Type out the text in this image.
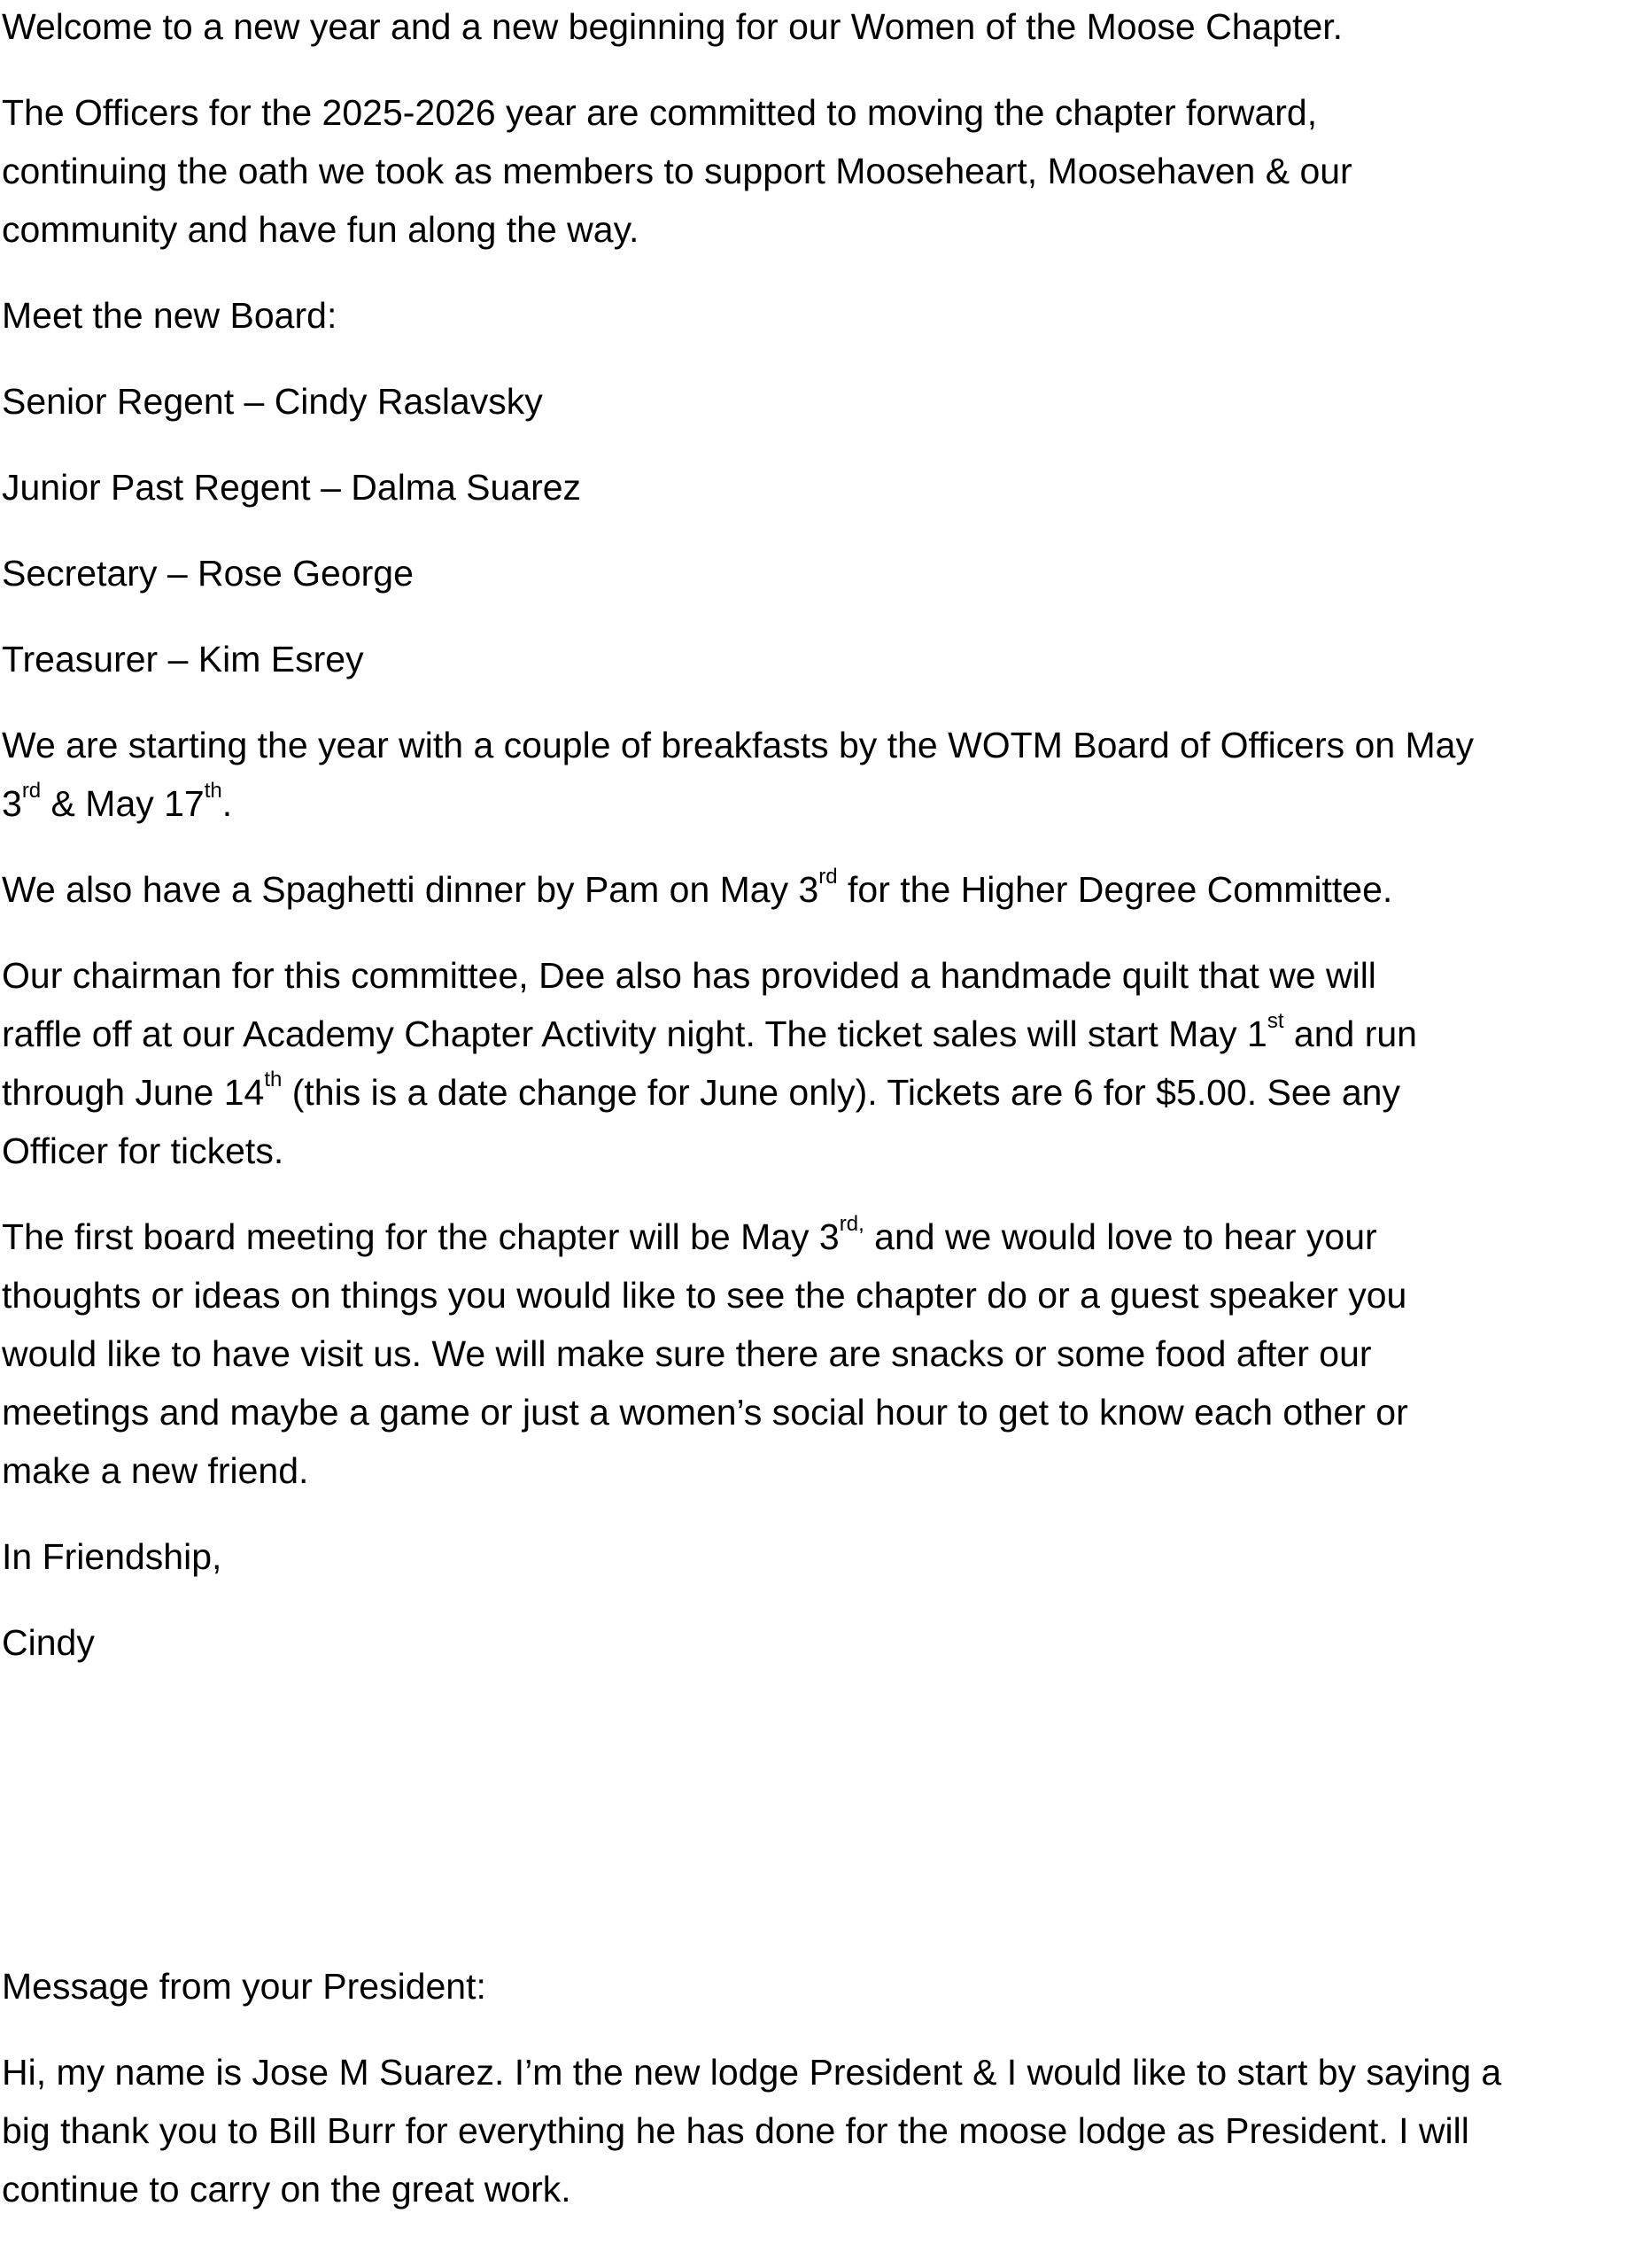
Welcome to a new year and a new beginning for our Women of the Moose Chapter.
The Officers for the 2025-2026 year are committed to moving the chapter forward,
continuing the oath we took as members to support Mooseheart, Moosehaven & our
community and have fun along the way.
Meet the new Board:
Senior Regent – Cindy Raslavsky
Junior Past Regent – Dalma Suarez
Secretary – Rose George
Treasurer – Kim Esrey
We are starting the year with a couple of breakfasts by the WOTM Board of Officers on May
3rd & May 17th.
We also have a Spaghetti dinner by Pam on May 3rd for the Higher Degree Committee.
Our chairman for this committee, Dee also has provided a handmade quilt that we will
raffle off at our Academy Chapter Activity night. The ticket sales will start May 1st and run
through June 14th (this is a date change for June only). Tickets are 6 for $5.00. See any
Officer for tickets.
The first board meeting for the chapter will be May $3^{rd,}$ and we would love to hear your
thoughts or ideas on things you would like to see the chapter do or a guest speaker you
would like to have visit us. We will make sure there are snacks or some food after our
meetings and maybe a game or just a women’s social hour to get to know each other or
make a new friend.
In Friendship,
Cindy
Message from your President:
Hi, my name is Jose M Suarez. I’m the new lodge President & I would like to start by saying a
big thank you to Bill Burr for everything he has done for the moose lodge as President. I will
continue to carry on the great work.
